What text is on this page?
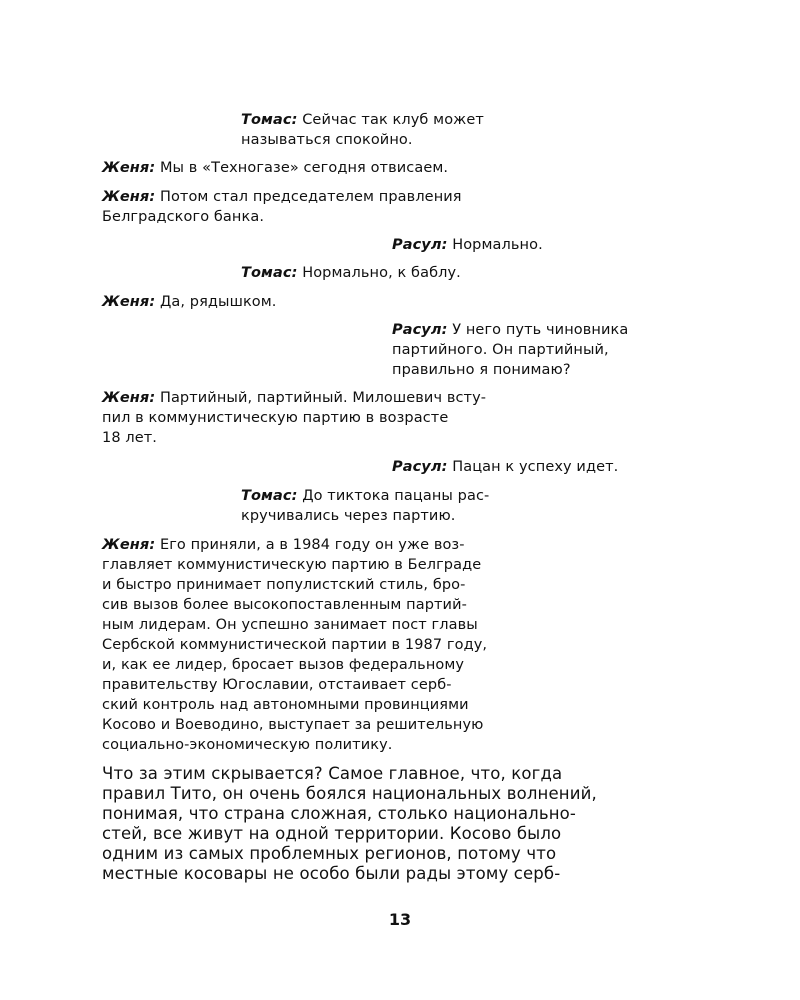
Томас: Сейчас так клуб может
называться спокойно.
Женя: Мы в «Техногазе» сегодня отвисаем.
Женя: Потом стал председателем правления
Белградского банка.
Расул: Нормально.
Томас: Нормально, к баблу.
Женя: Да, рядышком.
Расул: У него путь чиновника
партийного. Он партийный,
правильно я понимаю?
Женя: Партийный, партийный. Милошевич всту-
пил в коммунистическую партию в возрасте
18 лет.
Расул: Пацан к успеху идет.
Томас: До тиктока пацаны рас-
кручивались через партию.
Женя: Его приняли, а в 1984 году он уже воз-
главляет коммунистическую партию в Белграде
и быстро принимает популистский стиль, бро-
сив вызов более высокопоставленным партий-
ным лидерам. Он успешно занимает пост главы
Сербской коммунистической партии в 1987 году,
и, как ее лидер, бросает вызов федеральному
правительству Югославии, отстаивает серб-
ский контроль над автономными провинциями
Косово и Воеводино, выступает за решительную
социально-экономическую политику.
Что за этим скрывается? Самое главное, что, когда
правил Тито, он очень боялся национальных волнений,
понимая, что страна сложная, столько национально-
стей, все живут на одной территории. Косово было
одним из самых проблемных регионов, потому что
местные косовары не особо были рады этому серб-
13
